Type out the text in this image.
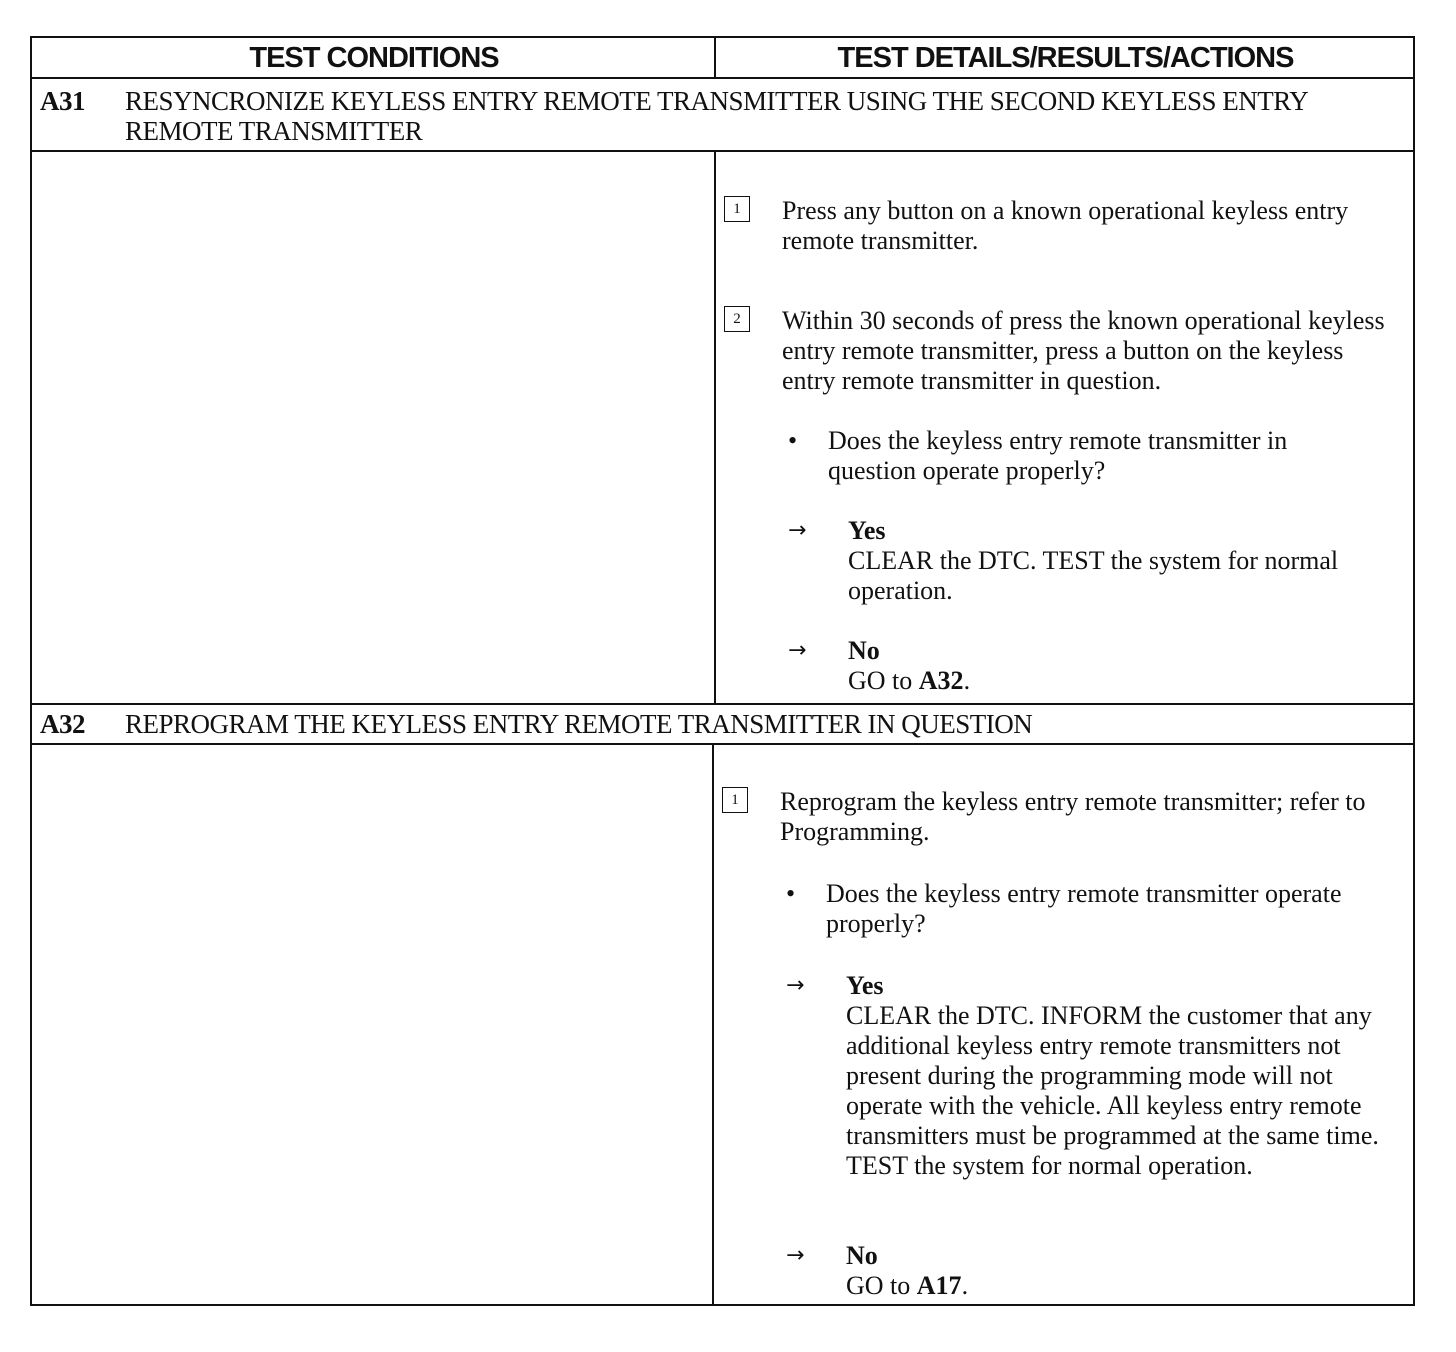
TEST CONDITIONS	TEST DETAILS/RESULTS/ACTIONS
A31	RESYNCRONIZE KEYLESS ENTRY REMOTE TRANSMITTER USING THE SECOND KEYLESS ENTRY REMOTE TRANSMITTER
1	Press any button on a known operational keyless entry remote transmitter.
2	Within 30 seconds of press the known operational keyless entry remote transmitter, press a button on the keyless entry remote transmitter in question.
• Does the keyless entry remote transmitter in question operate properly?
→ Yes
CLEAR the DTC. TEST the system for normal operation.
→ No
GO to A32.
A32	REPROGRAM THE KEYLESS ENTRY REMOTE TRANSMITTER IN QUESTION
1	Reprogram the keyless entry remote transmitter; refer to Programming.
• Does the keyless entry remote transmitter operate properly?
→ Yes
CLEAR the DTC. INFORM the customer that any additional keyless entry remote transmitters not present during the programming mode will not operate with the vehicle. All keyless entry remote transmitters must be programmed at the same time. TEST the system for normal operation.
→ No
GO to A17.
